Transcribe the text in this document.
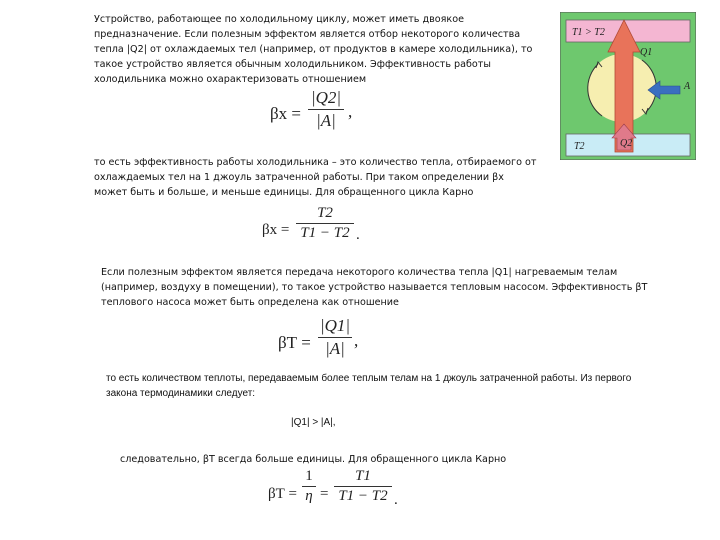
Устройство, работающее по холодильному циклу, может иметь двоякое предназначение. Если полезным эффектом является отбор некоторого количества тепла |Q2| от охлаждаемых тел (например, от продуктов в камере холодильника), то такое устройство является обычным холодильником. Эффективность работы холодильника можно охарактеризовать отношением

βх =
|Q2|
|A| ,

то есть эффективность работы холодильника – это количество тепла, отбираемого от охлаждаемых тел на 1 джоуль затраченной работы. При таком определении βх может быть и больше, и меньше единицы. Для обращенного цикла Карно

βх =
T2
T1 − T2 .

Если полезным эффектом является передача некоторого количества тепла |Q1| нагреваемым телам (например, воздуху в помещении), то такое устройство называется тепловым насосом. Эффективность βТ теплового насоса может быть определена как отношение

βТ =
|Q1|
|A| ,

то есть количеством теплоты, передаваемым более теплым телам на 1 джоуль затраченной работы. Из первого закона термодинамики следует:

|Q1| > |A|,

следовательно, βТ всегда больше единицы. Для обращенного цикла Карно

βТ =
1
η =
T1
T1 − T2 .
T1 > T2
Q1
A
T2	Q2
